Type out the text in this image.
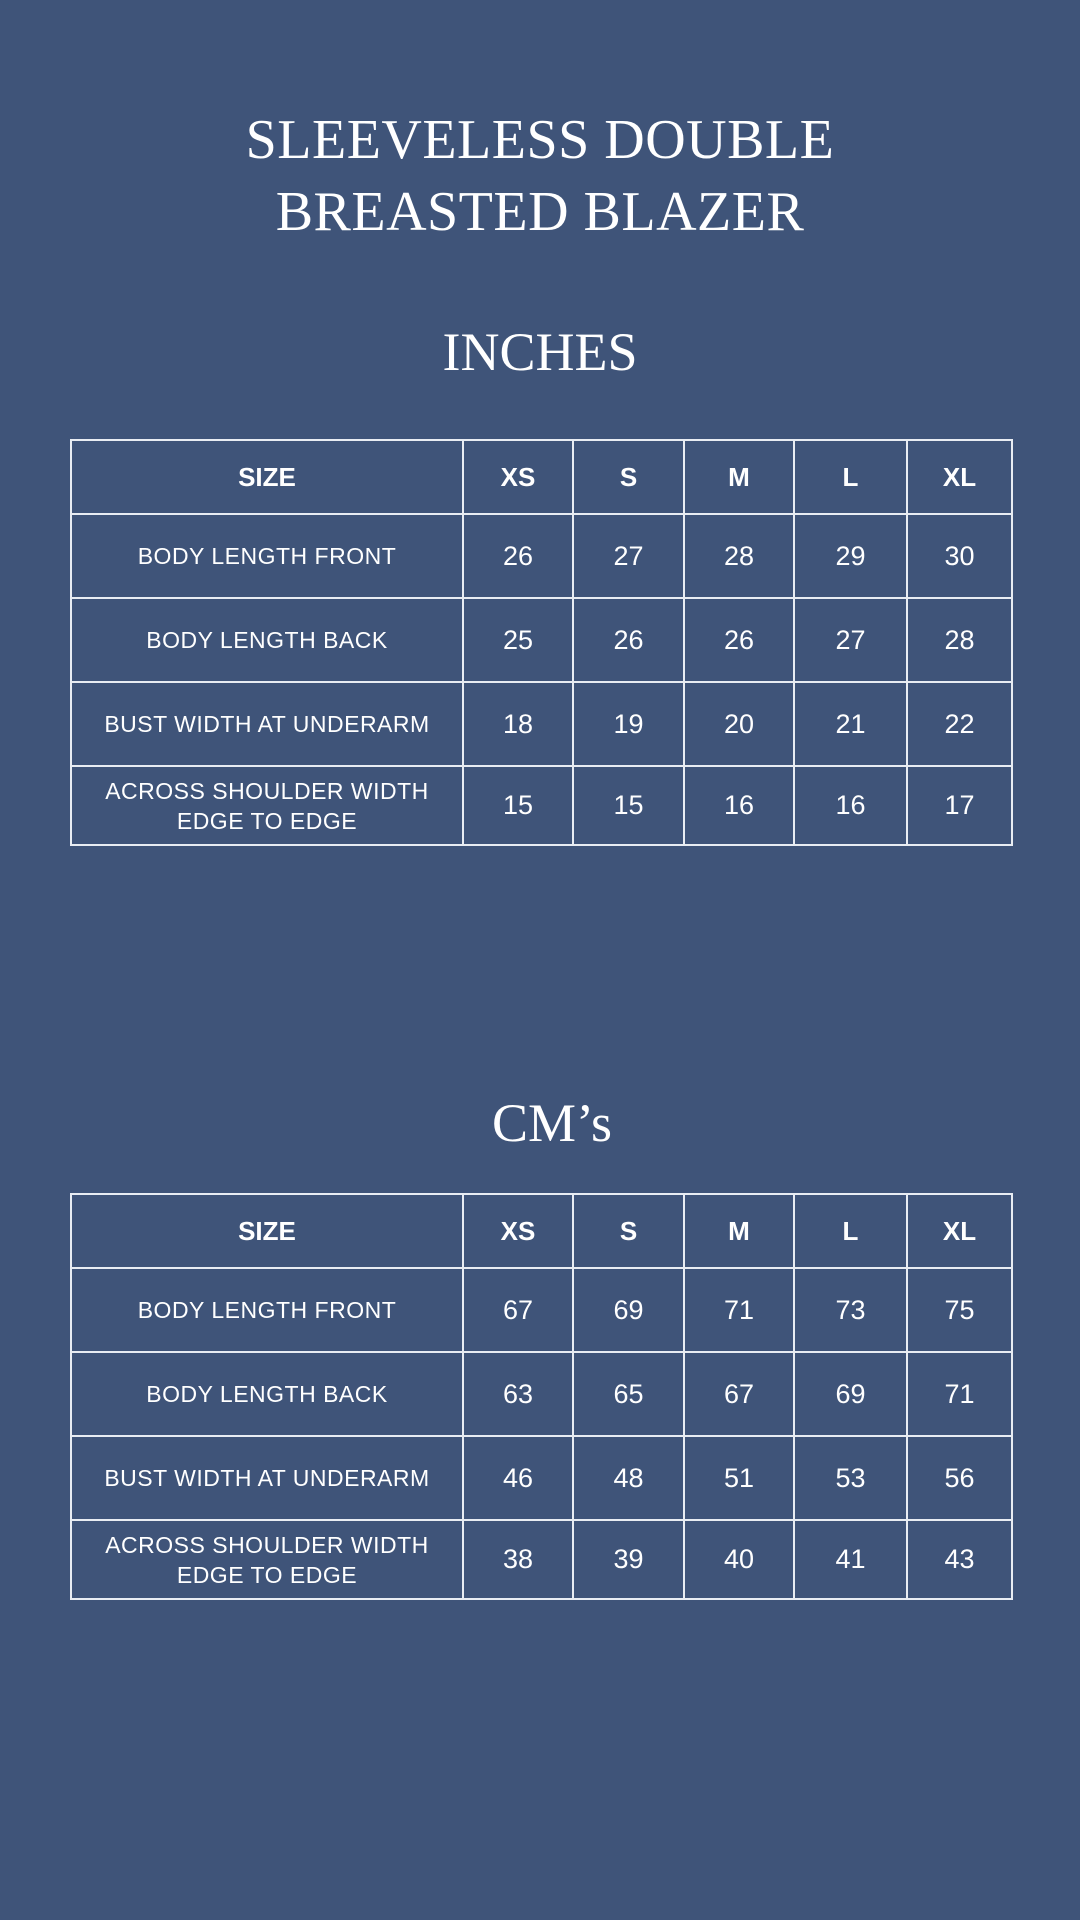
SLEEVELESS DOUBLE
BREASTED BLAZER
INCHES
SIZE	XS	S	M	L	XL
BODY LENGTH FRONT	26	27	28	29	30
BODY LENGTH BACK	25	26	26	27	28
BUST WIDTH AT UNDERARM	18	19	20	21	22
ACROSS SHOULDER WIDTH
EDGE TO EDGE	15	15	16	16	17
CM’s
SIZE	XS	S	M	L	XL
BODY LENGTH FRONT	67	69	71	73	75
BODY LENGTH BACK	63	65	67	69	71
BUST WIDTH AT UNDERARM	46	48	51	53	56
ACROSS SHOULDER WIDTH
EDGE TO EDGE	38	39	40	41	43
